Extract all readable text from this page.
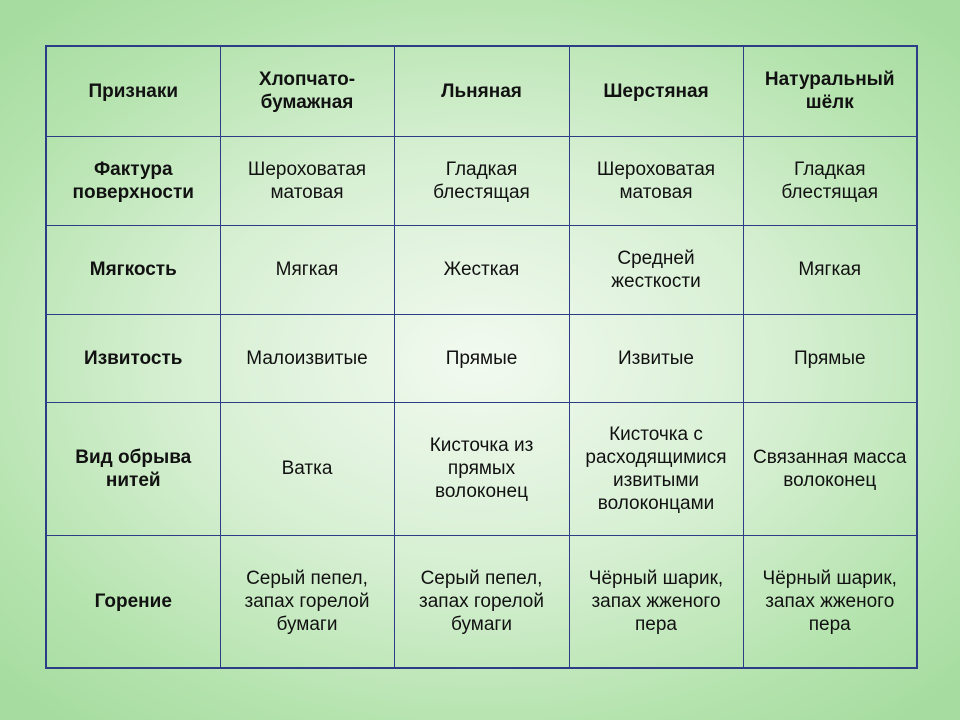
Признаки	Хлопчато-бумажная	Льняная	Шерстяная	Натуральный шёлк
Фактура поверхности	Шероховатая матовая	Гладкая блестящая	Шероховатая матовая	Гладкая блестящая
Мягкость	Мягкая	Жесткая	Средней жесткости	Мягкая
Извитость	Малоизвитые	Прямые	Извитые	Прямые
Вид обрыва нитей	Ватка	Кисточка из прямых волоконец	Кисточка с расходящимися извитыми волоконцами	Связанная масса волоконец
Горение	Серый пепел, запах горелой бумаги	Серый пепел, запах горелой бумаги	Чёрный шарик, запах жженого пера	Чёрный шарик, запах жженого пера
